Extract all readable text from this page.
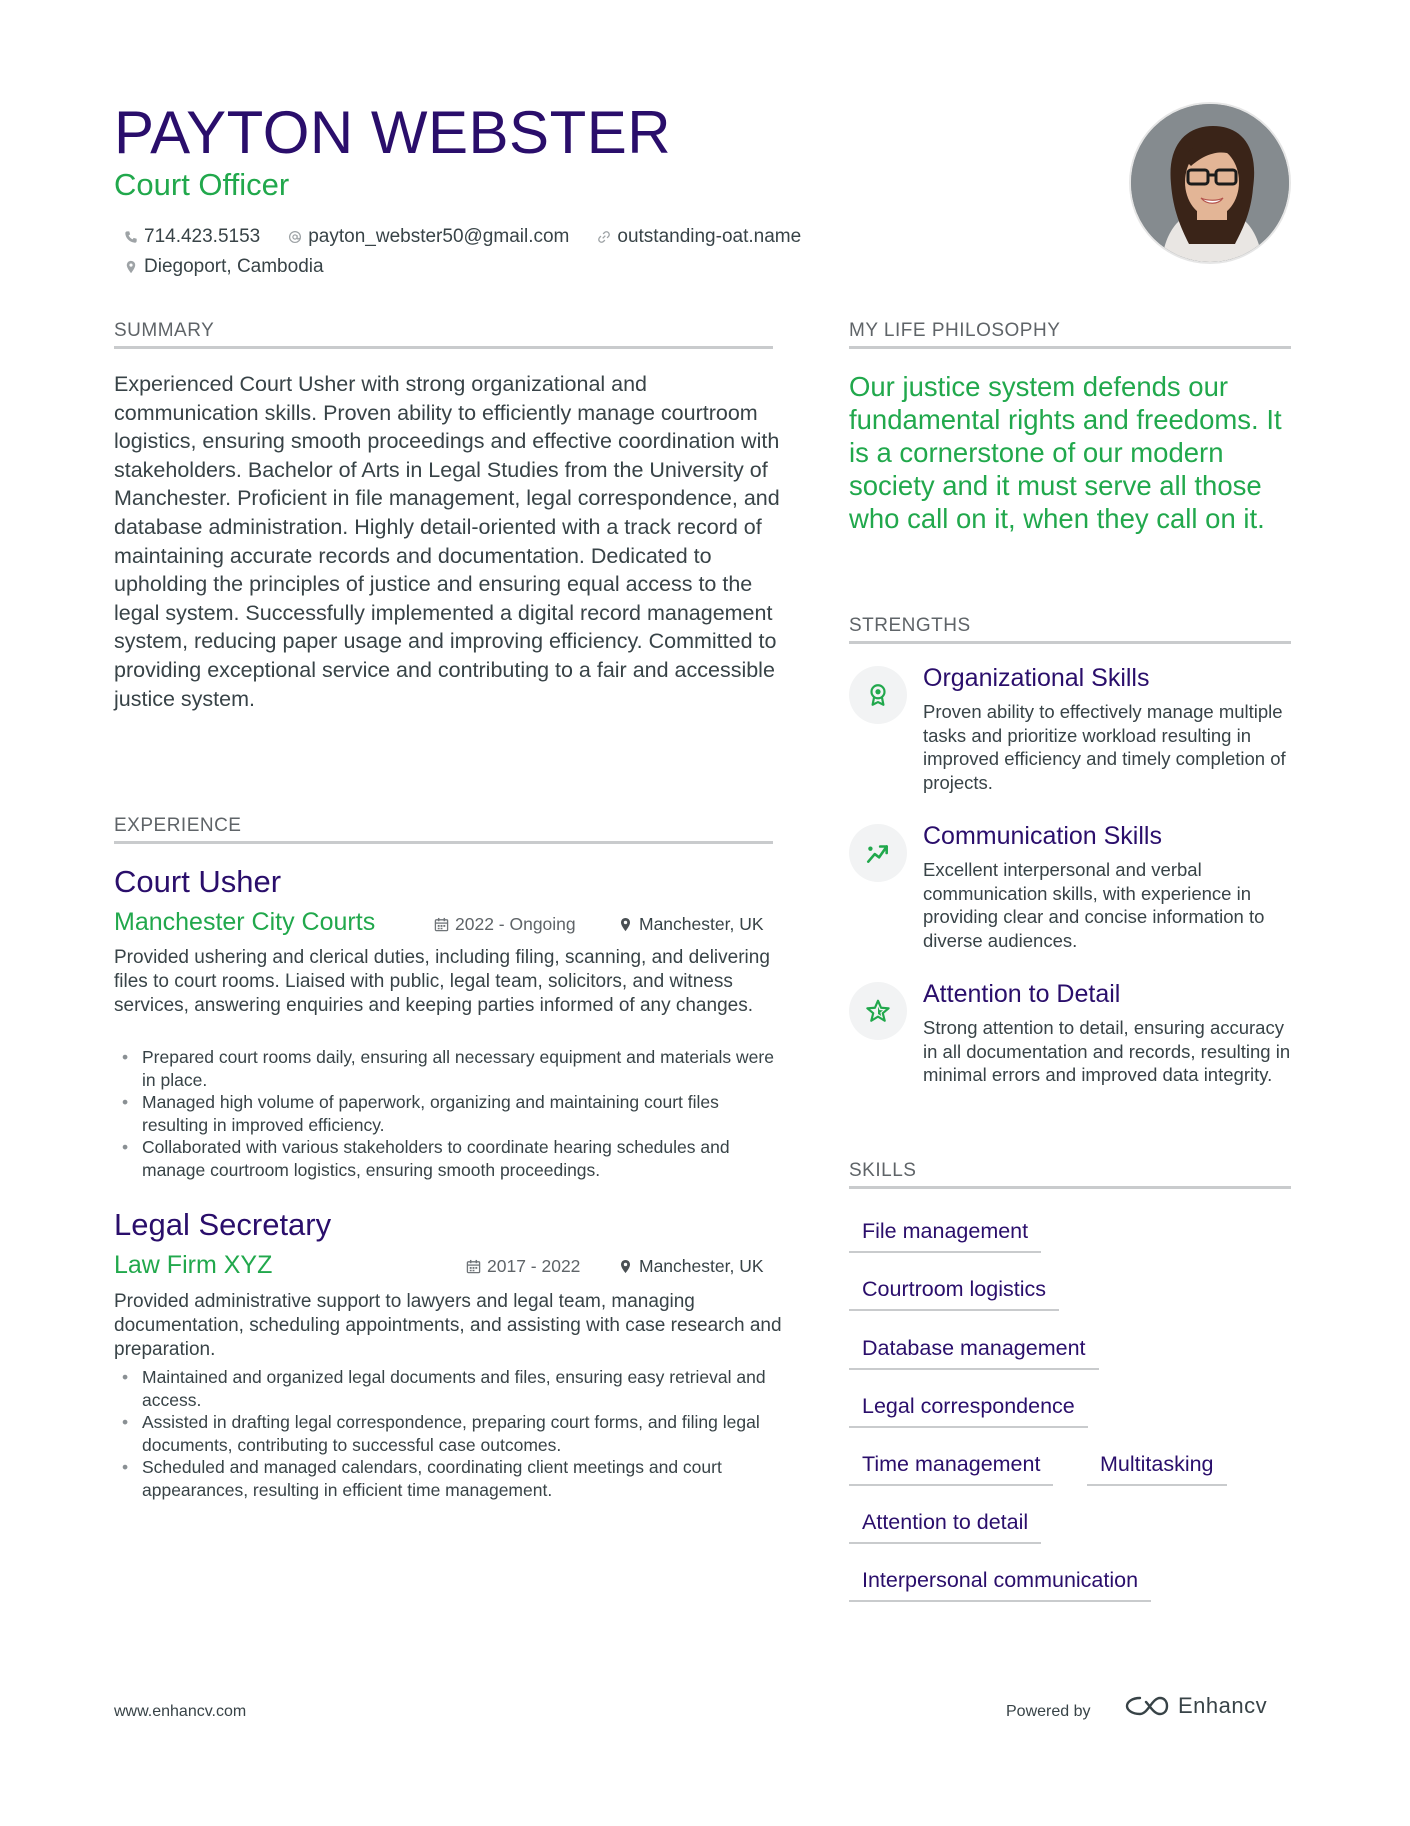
PAYTON WEBSTER
Court Officer
714.423.5153	payton_webster50@gmail.com	outstanding-oat.name
Diegoport, Cambodia
SUMMARY
Experienced Court Usher with strong organizational and communication skills. Proven ability to efficiently manage courtroom logistics, ensuring smooth proceedings and effective coordination with stakeholders. Bachelor of Arts in Legal Studies from the University of Manchester. Proficient in file management, legal correspondence, and database administration. Highly detail-oriented with a track record of maintaining accurate records and documentation. Dedicated to upholding the principles of justice and ensuring equal access to the legal system. Successfully implemented a digital record management system, reducing paper usage and improving efficiency. Committed to providing exceptional service and contributing to a fair and accessible justice system.
EXPERIENCE
Court Usher
Manchester City Courts	2022 - Ongoing	Manchester, UK
Provided ushering and clerical duties, including filing, scanning, and delivering files to court rooms. Liaised with public, legal team, solicitors, and witness services, answering enquiries and keeping parties informed of any changes.
• Prepared court rooms daily, ensuring all necessary equipment and materials were in place.
• Managed high volume of paperwork, organizing and maintaining court files resulting in improved efficiency.
• Collaborated with various stakeholders to coordinate hearing schedules and manage courtroom logistics, ensuring smooth proceedings.
Legal Secretary
Law Firm XYZ	2017 - 2022	Manchester, UK
Provided administrative support to lawyers and legal team, managing documentation, scheduling appointments, and assisting with case research and preparation.
• Maintained and organized legal documents and files, ensuring easy retrieval and access.
• Assisted in drafting legal correspondence, preparing court forms, and filing legal documents, contributing to successful case outcomes.
• Scheduled and managed calendars, coordinating client meetings and court appearances, resulting in efficient time management.
MY LIFE PHILOSOPHY
Our justice system defends our fundamental rights and freedoms. It is a cornerstone of our modern society and it must serve all those who call on it, when they call on it.
STRENGTHS
Organizational Skills
Proven ability to effectively manage multiple tasks and prioritize workload resulting in improved efficiency and timely completion of projects.
Communication Skills
Excellent interpersonal and verbal communication skills, with experience in providing clear and concise information to diverse audiences.
Attention to Detail
Strong attention to detail, ensuring accuracy in all documentation and records, resulting in minimal errors and improved data integrity.
SKILLS
File management
Courtroom logistics
Database management
Legal correspondence
Time management	Multitasking
Attention to detail
Interpersonal communication
www.enhancv.com	Powered by	Enhancv
